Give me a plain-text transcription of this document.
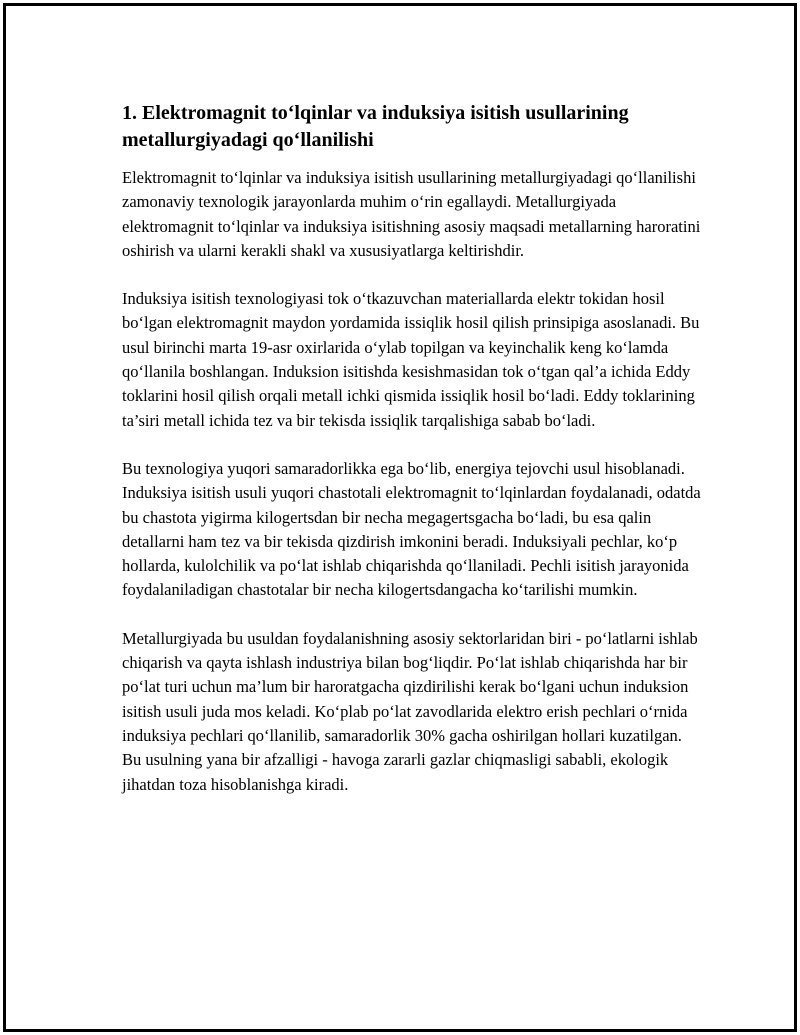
1. Elektromagnit to‘lqinlar va induksiya isitish usullarining metallurgiyadagi qo‘llanilishi

Elektromagnit to‘lqinlar va induksiya isitish usullarining metallurgiyadagi qo‘llanilishi zamonaviy texnologik jarayonlarda muhim o‘rin egallaydi. Metallurgiyada elektromagnit to‘lqinlar va induksiya isitishning asosiy maqsadi metallarning haroratini oshirish va ularni kerakli shakl va xususiyatlarga keltirishdir.

Induksiya isitish texnologiyasi tok o‘tkazuvchan materiallarda elektr tokidan hosil bo‘lgan elektromagnit maydon yordamida issiqlik hosil qilish prinsipiga asoslanadi. Bu usul birinchi marta 19-asr oxirlarida o‘ylab topilgan va keyinchalik keng ko‘lamda qo‘llanila boshlangan. Induksion isitishda kesishmasidan tok o‘tgan qal’a ichida Eddy toklarini hosil qilish orqali metall ichki qismida issiqlik hosil bo‘ladi. Eddy toklarining ta’siri metall ichida tez va bir tekisda issiqlik tarqalishiga sabab bo‘ladi.

Bu texnologiya yuqori samaradorlikka ega bo‘lib, energiya tejovchi usul hisoblanadi. Induksiya isitish usuli yuqori chastotali elektromagnit to‘lqinlardan foydalanadi, odatda bu chastota yigirma kilogertsdan bir necha megagertsgacha bo‘ladi, bu esa qalin detallarni ham tez va bir tekisda qizdirish imkonini beradi. Induksiyali pechlar, ko‘p hollarda, kulolchilik va po‘lat ishlab chiqarishda qo‘llaniladi. Pechli isitish jarayonida foydalaniladigan chastotalar bir necha kilogertsdangacha ko‘tarilishi mumkin.

Metallurgiyada bu usuldan foydalanishning asosiy sektorlaridan biri - po‘latlarni ishlab chiqarish va qayta ishlash industriya bilan bog‘liqdir. Po‘lat ishlab chiqarishda har bir po‘lat turi uchun ma’lum bir haroratgacha qizdirilishi kerak bo‘lgani uchun induksion isitish usuli juda mos keladi. Ko‘plab po‘lat zavodlarida elektro erish pechlari o‘rnida induksiya pechlari qo‘llanilib, samaradorlik 30% gacha oshirilgan hollari kuzatilgan. Bu usulning yana bir afzalligi - havoga zararli gazlar chiqmasligi sababli, ekologik jihatdan toza hisoblanishga kiradi.
